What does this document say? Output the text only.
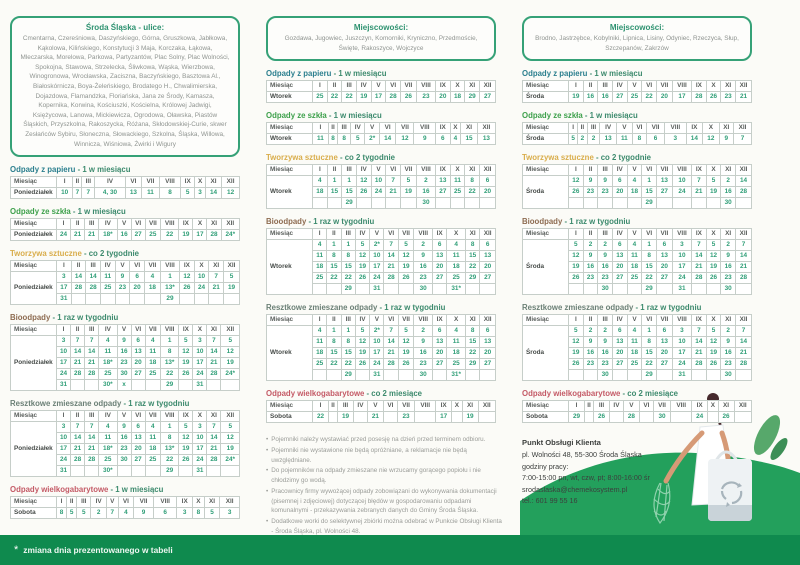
Środa Śląska - ulice:
Cmentarna, Czereśniowa, Daszyńskiego, Górna, Gruszkowa, Jabłkowa, Kąkolowa, Kilińskiego, Konstytucji 3 Maja, Korczaka, Łąkowa, Mleczarska, Morelowa, Parkowa, Partyzantów, Plac Solny, Plac Wolności, Spokojna, Stawowa, Strzelecka, Śliwkowa, Wąska, Wierzbowa, Winogronowa, Wrocławska, Zaciszna, Baczyńskiego, Basztowa Al., Białoskórnicza, Boya-Żeleńskiego, Brodatego H., Chwalimierska, Dojazdowa, Flamandzka, Floriańska, Jana ze Środy, Kamasza, Kopernika, Korwina, Kościuszki, Kościelna, Królowej Jadwigi, Księżycowa, Lanowa, Mickiewicza, Ogrodowa, Oławska, Piastów Śląskich, Przyszkolna, Rakoszycka, Różana, Skłodowskiej-Curie, skwer Zesłańców Sybiru, Słoneczna, Słowackiego, Szkolna, Śląska, Willowa, Winnicza, Wiśniowa, Żwirki i Wigury
Odpady z papieru - 1 w miesiącu
Miesiąc	I	II	III	IV	VI	VII	VIII	IX	X	XI	XII
Poniedziałek	10	7	7	4, 30	13	11	8	5	3	14	12
Odpady ze szkła - 1 w miesiącu
Miesiąc	I	II	III	IV	V	VI	VII	VIII	IX	X	XI	XII
Poniedziałek	24	21	21	18*	16	27	25	22	19	17	28	24*
Tworzywa sztuczne - co 2 tygodnie
Miesiąc	I	II	III	IV	V	VI	VII	VIII	IX	X	XI	XII
Poniedziałek	3	14	14	11	9	6	4	1	12	10	7	5
	17	28	28	25	23	20	18	13*	26	24	21	19
	31							29				
Bioodpady - 1 raz w tygodniu
Miesiąc	I	II	III	IV	V	VI	VII	VIII	IX	X	XI	XII
Poniedziałek	3	7	7	4	9	6	4	1	5	3	7	5
	10	14	14	11	16	13	11	8	12	10	14	12
	17	21	21	18*	23	20	18	13*	19	17	21	19
	24	28	28	25	30	27	25	22	26	24	28	24*
	31			30*	x			29		31		
Resztkowe zmieszane odpady - 1 raz w tygodniu
Miesiąc	I	II	III	IV	V	VI	VII	VIII	IX	X	XI	XII
Poniedziałek	3	7	7	4	9	6	4	1	5	3	7	5
	10	14	14	11	16	13	11	8	12	10	14	12
	17	21	21	18*	23	20	18	13*	19	17	21	19
	24	28	28	25	30	27	25	22	26	24	28	24*
	31			30*				29		31		
Odpady wielkogabarytowe - 1 w miesiącu
Miesiąc	I	II	III	IV	V	VI	VII	VIII	IX	X	XI	XII
Sobota	8	5	5	2	7	4	9	6	3	8	5	3
Miejscowości:
Gozdawa, Jugowiec, Juszczyn, Komorniki, Kryniczno, Przedmoście, Święte, Rakoszyce, Wojczyce
Odpady z papieru - 1 w miesiącu
Miesiąc	I	II	III	IV	V	VI	VII	VIII	IX	X	XI	XII
Wtorek	25	22	22	19	17	28	26	23	20	18	29	27
Odpady ze szkła - 1 w miesiącu
Miesiąc	I	II	III	IV	V	VI	VII	VIII	IX	X	XI	XII
Wtorek	11	8	8	5	2*	14	12	9	6	4	15	13
Tworzywa sztuczne - co 2 tygodnie
Miesiąc	I	II	III	IV	V	VI	VII	VIII	IX	X	XI	XII
Wtorek	4	1	1	12	10	7	5	2	13	11	8	6
	18	15	15	26	24	21	19	16	27	25	22	20
			29					30				
Bioodpady - 1 raz w tygodniu
Miesiąc	I	II	III	IV	V	VI	VII	VIII	IX	X	XI	XII
Wtorek	4	1	1	5	2*	7	5	2	6	4	8	6
	11	8	8	12	10	14	12	9	13	11	15	13
	18	15	15	19	17	21	19	16	20	18	22	20
	25	22	22	26	24	28	26	23	27	25	29	27
			29		31			30		31*		
Resztkowe zmieszane odpady - 1 raz w tygodniu
Miesiąc	I	II	III	IV	V	VI	VII	VIII	IX	X	XI	XII
Wtorek	4	1	1	5	2*	7	5	2	6	4	8	6
	11	8	8	12	10	14	12	9	13	11	15	13
	18	15	15	19	17	21	19	16	20	18	22	20
	25	22	22	26	24	28	26	23	27	25	29	27
			29		31			30		31*		
Odpady wielkogabarytowe - co 2 miesiące
Miesiąc	I	II	III	IV	V	VI	VII	VIII	IX	X	XI	XII
Sobota	22		19		21		23		17		19	
• Pojemniki należy wystawiać przed posesję na dzień przed terminem odbioru.
• Pojemniki nie wystawione nie będą opróżniane, a reklamacje nie będą uwzględniane.
• Do pojemników na odpady zmieszane nie wrzucamy gorącego popiołu i nie chłodzimy go wodą.
• Pracownicy firmy wywożącej odpady zobowiązani do wykonywania dokumentacji (pisemnej i zdjęciowej) dotyczącej błędów w gospodarowaniu odpadami komunalnymi - przekazywania zebranych danych do Gminy Środa Śląska.
• Dodatkowe worki do selektywnej zbiórki można odebrać w Punkcie Obsługi Klienta - Środa Śląska, pl. Wolności 48.
Miejscowości:
Brodno, Jastrzębce, Kobylniki, Lipnica, Lisiny, Odyniec, Rzeczyca, Słup, Szczepanów, Zakrzów
Odpady z papieru - 1 w miesiącu
Miesiąc	I	II	III	IV	V	VI	VII	VIII	IX	X	XI	XII
Środa	19	16	16	27	25	22	20	17	28	26	23	21
Odpady ze szkła - 1 w miesiącu
Miesiąc	I	II	III	IV	V	VI	VII	VIII	IX	X	XI	XII
Środa	5	2	2	13	11	8	6	3	14	12	9	7
Tworzywa sztuczne - co 2 tygodnie
Miesiąc	I	II	III	IV	V	VI	VII	VIII	IX	X	XI	XII
Środa	12	9	9	6	4	1	13	10	7	5	2	14
	26	23	23	20	18	15	27	24	21	19	16	28
						29					30	
Bioodpady - 1 raz w tygodniu
Miesiąc	I	II	III	IV	V	VI	VII	VIII	IX	X	XI	XII
Środa	5	2	2	6	4	1	6	3	7	5	2	7
	12	9	9	13	11	8	13	10	14	12	9	14
	19	16	16	20	18	15	20	17	21	19	16	21
	26	23	23	27	25	22	27	24	28	26	23	28
			30			29		31			30	
Resztkowe zmieszane odpady - 1 raz w tygodniu
Miesiąc	I	II	III	IV	V	VI	VII	VIII	IX	X	XI	XII
Środa	5	2	2	6	4	1	6	3	7	5	2	7
	12	9	9	13	11	8	13	10	14	12	9	14
	19	16	16	20	18	15	20	17	21	19	16	21
	26	23	23	27	25	22	27	24	28	26	23	28
			30			29		31			30	
Odpady wielkogabarytowe - co 2 miesiące
Miesiąc	I	II	III	IV	V	VI	VII	VIII	IX	X	XI	XII
Sobota	29		26		28		30		24		26	
Punkt Obsługi Klienta
pl. Wolności 48, 55-300 Środa Śląska
godziny pracy:
7:00-15:00 pn, wt, czw, pt; 8:00-16:00 śr
srodaslaska@chemekosystem.pl
tel.: 601 99 55 16
* zmiana dnia prezentowanego w tabeli
